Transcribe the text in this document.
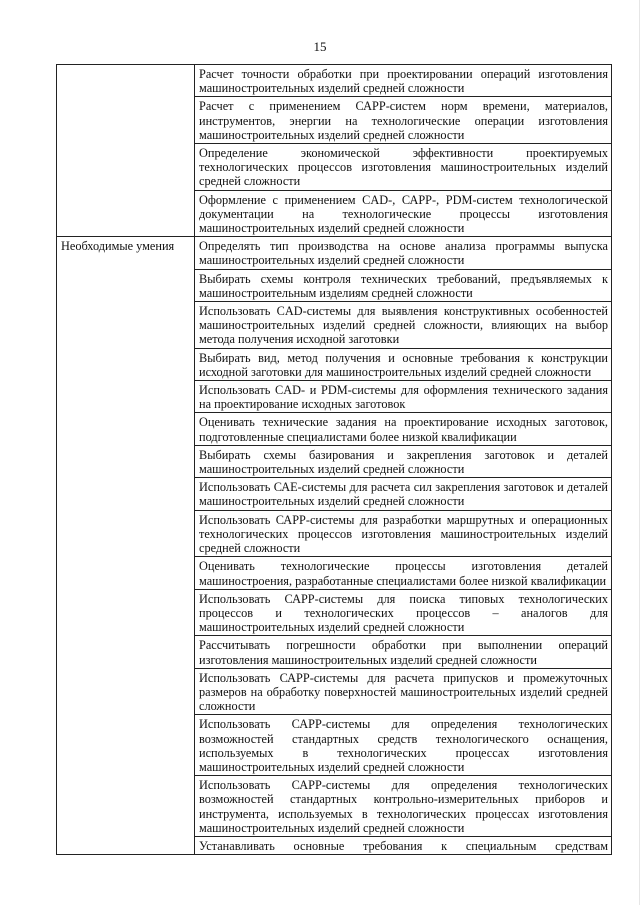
15
	Расчет точности обработки при проектировании операций изготовления машиностроительных изделий средней сложности
	Расчет с применением САРР-систем норм времени, материалов, инструментов, энергии на технологические операции изготовления машиностроительных изделий средней сложности
	Определение экономической эффективности проектируемых технологических процессов изготовления машиностроительных изделий средней сложности
	Оформление с применением CAD-, САРР-, PDM-систем технологической документации на технологические процессы изготовления машиностроительных изделий средней сложности
Необходимые умения	Определять тип производства на основе анализа программы выпуска машиностроительных изделий средней сложности
	Выбирать схемы контроля технических требований, предъявляемых к машиностроительным изделиям средней сложности
	Использовать CAD-системы для выявления конструктивных особенностей машиностроительных изделий средней сложности, влияющих на выбор метода получения исходной заготовки
	Выбирать вид, метод получения и основные требования к конструкции исходной заготовки для машиностроительных изделий средней сложности
	Использовать CAD- и PDM-системы для оформления технического задания на проектирование исходных заготовок
	Оценивать технические задания на проектирование исходных заготовок, подготовленные специалистами более низкой квалификации
	Выбирать схемы базирования и закрепления заготовок и деталей машиностроительных изделий средней сложности
	Использовать САЕ-системы для расчета сил закрепления заготовок и деталей машиностроительных изделий средней сложности
	Использовать САРР-системы для разработки маршрутных и операционных технологических процессов изготовления машиностроительных изделий средней сложности
	Оценивать технологические процессы изготовления деталей машиностроения, разработанные специалистами более низкой квалификации
	Использовать САРР-системы для поиска типовых технологических процессов и технологических процессов – аналогов для машиностроительных изделий средней сложности
	Рассчитывать погрешности обработки при выполнении операций изготовления машиностроительных изделий средней сложности
	Использовать САРР-системы для расчета припусков и промежуточных размеров на обработку поверхностей машиностроительных изделий средней сложности
	Использовать САРР-системы для определения технологических возможностей стандартных средств технологического оснащения, используемых в технологических процессах изготовления машиностроительных изделий средней сложности
	Использовать САРР-системы для определения технологических возможностей стандартных контрольно-измерительных приборов и инструмента, используемых в технологических процессах изготовления машиностроительных изделий средней сложности
	Устанавливать основные требования к специальным средствам
